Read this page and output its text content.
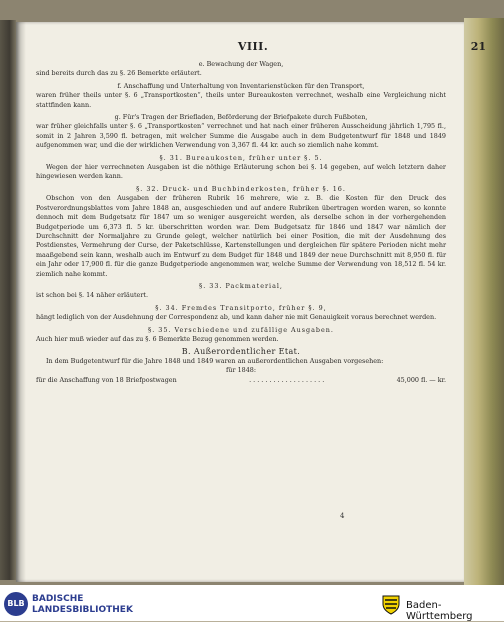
VIII.	21

e. Bewachung der Wagen,

sind bereits durch das zu §. 26 Bemerkte erläutert.

f. Anschaffung und Unterhaltung von Inventarienstücken für den Transport,

waren früher theils unter §. 6 „Transportkosten“, theils unter Bureaukosten verrechnet, weshalb eine Vergleichung nicht stattfinden kann.

g. Für's Tragen der Briefladen, Beförderung der Briefpakete durch Fußboten,

war früher gleichfalls unter §. 6 „Transportkosten“ verrechnet und hat nach einer früheren Ausscheidung jährlich 1,795 fl., somit in 2 Jahren 3,590 fl. betragen, mit welcher Summe die Ausgabe auch in dem Budgetentwurf für 1848 und 1849 aufgenommen war, und die der wirklichen Verwendung von 3,367 fl. 44 kr. auch so ziemlich nahe kommt.

§. 31. Bureaukosten, früher unter §. 5.

Wegen der hier verrechneten Ausgaben ist die nöthige Erläuterung schon bei §. 14 gegeben, auf welch letztern daher hingewiesen werden kann.

§. 32. Druck- und Buchbinderkosten, früher §. 16.

Obschon von den Ausgaben der früheren Rubrik 16 mehrere, wie z. B. die Kosten für den Druck des Postverordnungsblattes vom Jahre 1848 an, ausgeschieden und auf andere Rubriken übertragen worden waren, so konnte dennoch mit dem Budgetsatz für 1847 um so weniger ausgereicht werden, als derselbe schon in der vorhergehenden Budgetperiode um 6,373 fl. 5 kr. überschritten worden war. Dem Budgetsatz für 1846 und 1847 war nämlich der Durchschnitt der Normaljahre zu Grunde gelegt, welcher natürlich bei einer Position, die mit der Ausdehnung des Postdienstes, Vermehrung der Curse, der Paketschlüsse, Kartenstellungen und dergleichen für spätere Perioden nicht mehr maaßgebend sein kann, weshalb auch im Entwurf zu dem Budget für 1848 und 1849 der neue Durchschnitt mit 8,950 fl. für ein Jahr oder 17,900 fl. für die ganze Budgetperiode angenommen war, welche Summe der Verwendung von 18,512 fl. 54 kr. ziemlich nahe kommt.

§. 33. Packmaterial,

ist schon bei §. 14 näher erläutert.

§. 34. Fremdes Transitporto, früher §. 9,

hängt lediglich von der Ausdehnung der Correspondenz ab, und kann daher nie mit Genauigkeit voraus berechnet werden.

§. 35. Verschiedene und zufällige Ausgaben.

Auch hier muß wieder auf das zu §. 6 Bemerkte Bezug genommen werden.

B. Außerordentlicher Etat.

In dem Budgetentwurf für die Jahre 1848 und 1849 waren an außerordentlichen Ausgaben vorgesehen:

für 1848:

für die Anschaffung von 18 Briefpostwagen	. . . . . . . . . . . . . . . . . . .	45,000 fl. — kr.
4
BLB BADISCHE
LANDESBIBLIOTHEK	Baden-Württemberg
